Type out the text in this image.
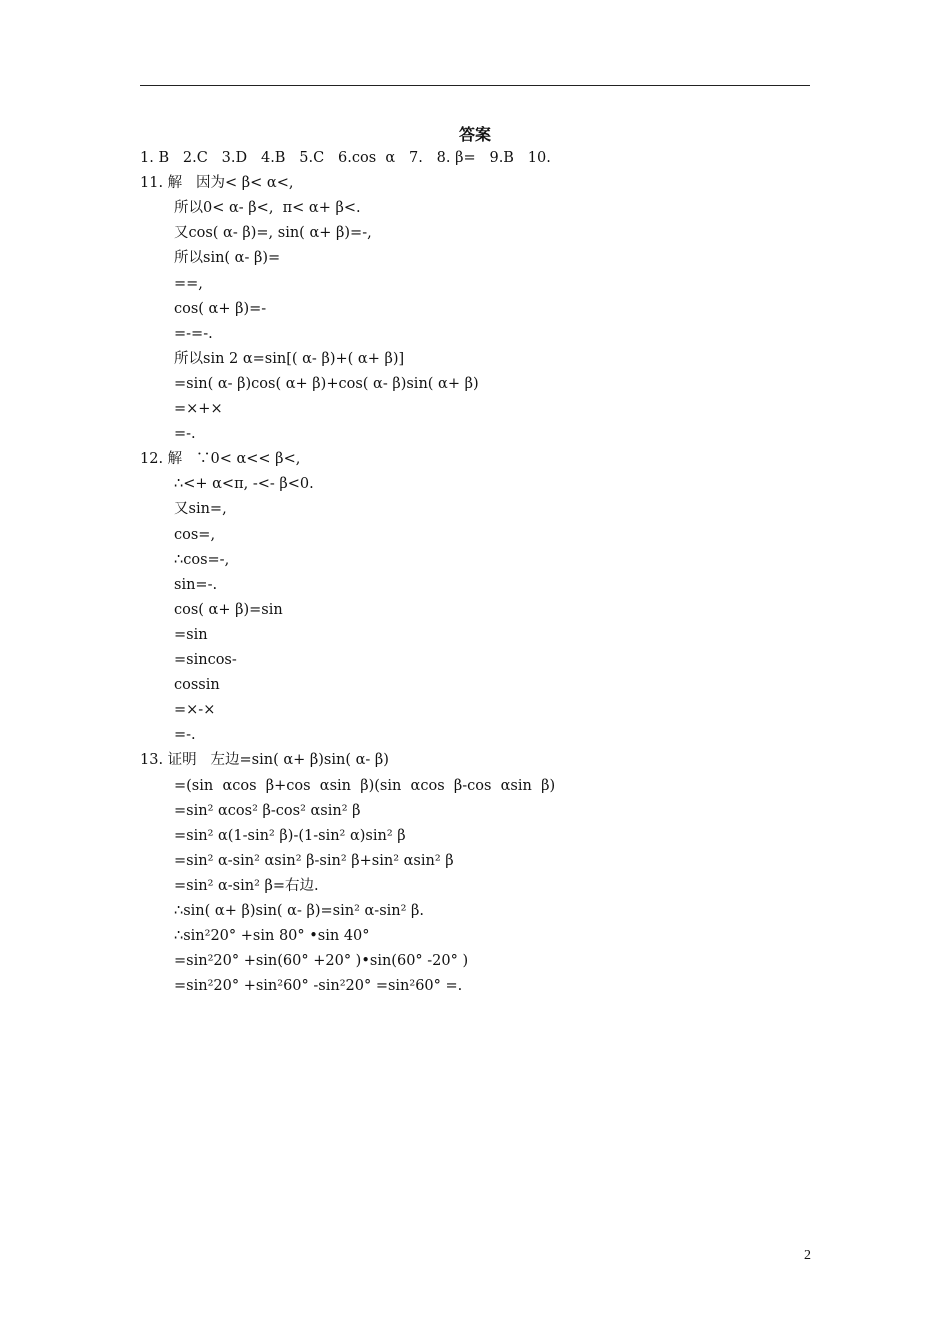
答案
1. B   2.C   3.D   4.B   5.C   6.cos  α   7.   8. β=   9.B   10.
11. 解   因为< β< α<,
所以0< α- β<,  π< α+ β<.
又cos( α- β)=, sin( α+ β)=-,
所以sin( α- β)=
==,
cos( α+ β)=-
=-=-.
所以sin 2 α=sin[( α- β)+( α+ β)]
=sin( α- β)cos( α+ β)+cos( α- β)sin( α+ β)
=×+×
=-.
12. 解   ∵0< α<< β<,
∴<+ α<π, -<- β<0.
又sin=,
cos=,
∴cos=-,
sin=-.
cos( α+ β)=sin
=sin
=sincos-
cossin
=×-×
=-.
13. 证明   左边=sin( α+ β)sin( α- β)
=(sin  αcos  β+cos  αsin  β)(sin  αcos  β-cos  αsin  β)
=sin² αcos² β-cos² αsin² β
=sin² α(1-sin² β)-(1-sin² α)sin² β
=sin² α-sin² αsin² β-sin² β+sin² αsin² β
=sin² α-sin² β=右边.
∴sin( α+ β)sin( α- β)=sin² α-sin² β.
∴sin²20° +sin 80° •sin 40°
=sin²20° +sin(60° +20° )•sin(60° -20° )
=sin²20° +sin²60° -sin²20° =sin²60° =.
2
